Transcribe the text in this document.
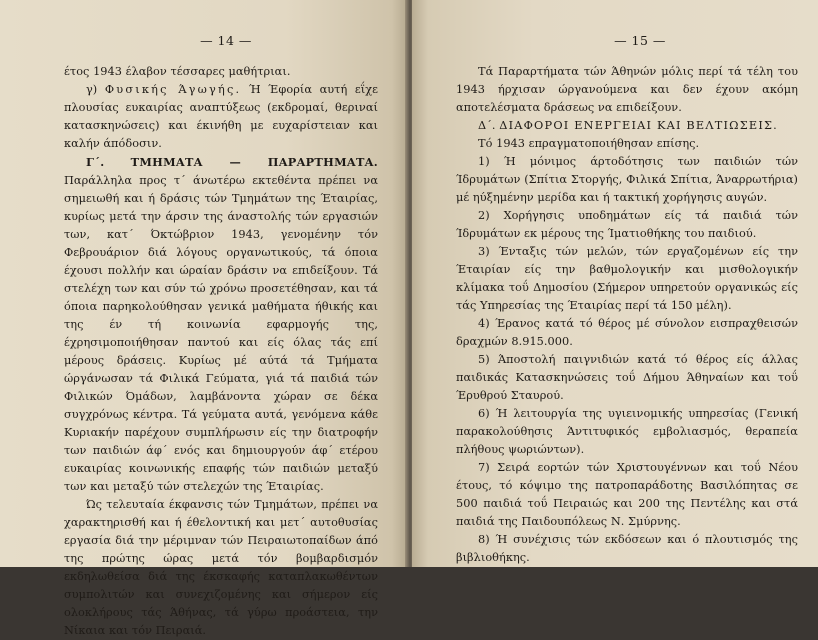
— 14 —

έτος 1943 έλαβον τέσσαρες μαθήτριαι.

γ) Φυσικής Άγωγής. Ή Έφορία αυτή εΐχε πλουσίας ευκαιρίας αναπτύξεως (εκδρομαί, θεριναί κατασκηνώσεις) και έκινήθη με ευχαρίστειαν και καλήν άπόδοσιν.

Γ΄. ΤΜΗΜΑΤΑ — ΠΑΡΑΡΤΗΜΑΤΑ. Παράλληλα προς τ΄ άνωτέρω εκτεθέντα πρέπει να σημειωθή και ή δράσις τών Τμημάτων της Έταιρίας, κυρίως μετά την άρσιν της άναστολής τών εργασιών των, κατ΄ Όκτώβριον 1943, γενομένην τόν Φεβρουάριον διά λόγους οργανωτικούς, τά όποια έχουσι πολλήν και ώραίαν δράσιν να επιδείξουν. Τά στελέχη των και σύν τώ χρόνω προσετέθησαν, και τά όποια παρηκολούθησαν γενικά μαθήματα ήθικής και της έν τή κοινωνία εφαρμογής της, έχρησιμοποιήθησαν παντού και είς όλας τάς επί μέρους δράσεις. Κυρίως μέ αύτά τά Τμήματα ώργάνωσαν τά Φιλικά Γεύματα, γιά τά παιδιά τών Φιλικών Όμάδων, λαμβάνοντα χώραν σε δέκα συγχρόνως κέντρα. Τά γεύματα αυτά, γενόμενα κάθε Κυριακήν παρέχουν συμπλήρωσιν είς την διατροφήν των παιδιών άφ΄ ενός και δημιουργούν άφ΄ ετέρου ευκαιρίας κοινωνικής επαφής τών παιδιών μεταξύ των και μεταξύ τών στελεχών της Έταιρίας.

Ώς τελευταία έκφανσις τών Τμημάτων, πρέπει να χαρακτηρισθή και ή έθελοντική και μετ΄ αυτοθυσίας εργασία διά την μέριμναν τών Πειραιωτοπαίδων άπό της πρώτης ώρας μετά τόν βομβαρδισμόν εκδηλωθείσα διά της έκσκαφής καταπλακωθέντων συμπολιτών και συνεχιζομένης και σήμερον είς ολοκλήρους τάς Άθήνας, τά γύρω προάστεια, την Νίκαια και τόν Πειραιά.

— 15 —

Τά Παραρτήματα τών Άθηνών μόλις περί τά τέλη του 1943 ήρχισαν ώργανούμενα και δεν έχουν ακόμη αποτελέσματα δράσεως να επιδείξουν.

Δ΄. ΔΙΑΦΟΡΟΙ ΕΝΕΡΓΕΙΑΙ ΚΑΙ ΒΕΛΤΙΩΣΕΙΣ.

Τό 1943 επραγματοποιήθησαν επίσης.

1) Ή μόνιμος άρτοδότησις των παιδιών τών Ίδρυμάτων (Σπίτια Στοργής, Φιλικά Σπίτια, Άναρρωτήρια) μέ ηύξημένην μερίδα και ή τακτική χορήγησις αυγών.

2) Χορήγησις υποδημάτων είς τά παιδιά τών Ίδρυμάτων εκ μέρους της Ίματιοθήκης του παιδιού.

3) Ένταξις τών μελών, τών εργαζομένων είς την Έταιρίαν είς την βαθμολογικήν και μισθολογικήν κλίμακα τοΰ Δημοσίου (Σήμερον υπηρετούν οργανικώς είς τάς Υπηρεσίας της Έταιρίας περί τά 150 μέλη).

4) Έρανος κατά τό θέρος μέ σύνολον εισπραχθεισών δραχμών 8.915.000.

5) Άποστολή παιγνιδιών κατά τό θέρος είς άλλας παιδικάς Κατασκηνώσεις τοΰ Δήμου Άθηναίων και τοΰ Έρυθρού Σταυρού.

6) Ή λειτουργία της υγιεινομικής υπηρεσίας (Γενική παρακολούθησις Άντιτυφικός εμβολιασμός, θεραπεία πλήθους ψωριώντων).

7) Σειρά εορτών τών Χριστουγέννων και τοΰ Νέου έτους, τό κόψιμο της πατροπαράδοτης Βασιλόπητας σε 500 παιδιά τοΰ Πειραιώς και 200 της Πεντέλης και στά παιδιά της Παιδουπόλεως Ν. Σμύρνης.

8) Ή συνέχισις τών εκδόσεων και ό πλουτισμός της βιβλιοθήκης.
